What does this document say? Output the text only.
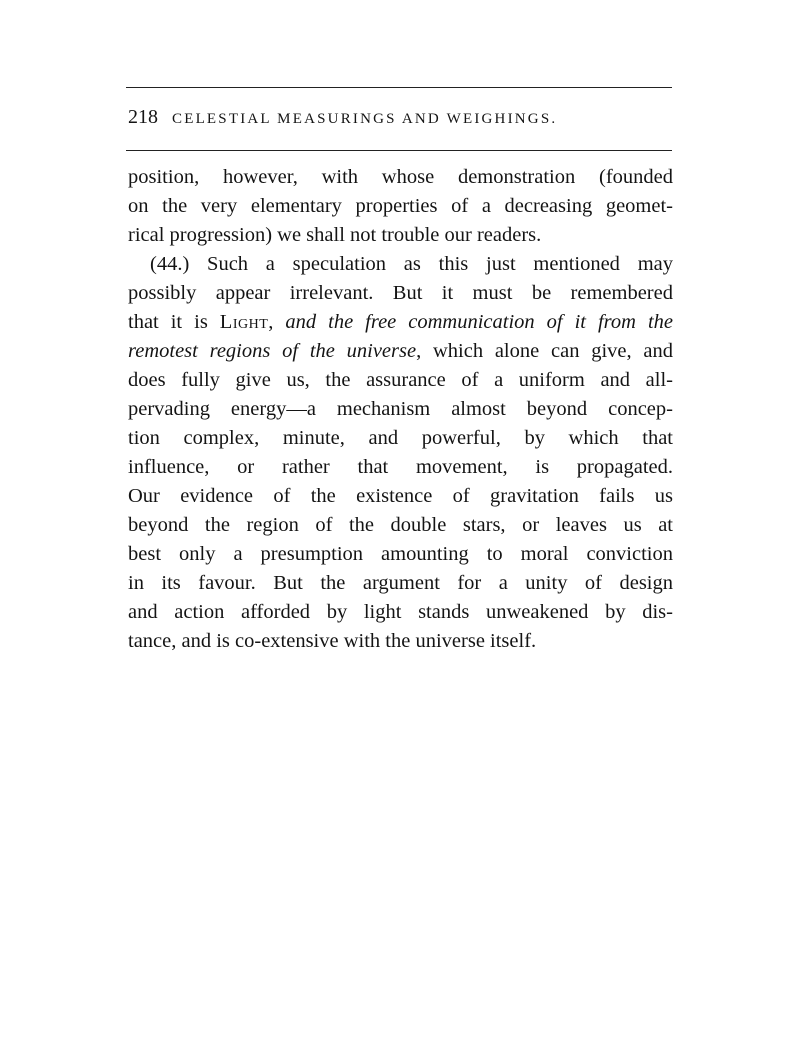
218 CELESTIAL MEASURINGS AND WEIGHINGS.
position, however, with whose demonstration (founded
on the very elementary properties of a decreasing geomet-
rical progression) we shall not trouble our readers.
(44.) Such a speculation as this just mentioned may
possibly appear irrelevant. But it must be remembered
that it is Light, and the free communication of it from the
remotest regions of the universe, which alone can give, and
does fully give us, the assurance of a uniform and all-
pervading energy—a mechanism almost beyond concep-
tion complex, minute, and powerful, by which that
influence, or rather that movement, is propagated.
Our evidence of the existence of gravitation fails us
beyond the region of the double stars, or leaves us at
best only a presumption amounting to moral conviction
in its favour. But the argument for a unity of design
and action afforded by light stands unweakened by dis-
tance, and is co-extensive with the universe itself.
